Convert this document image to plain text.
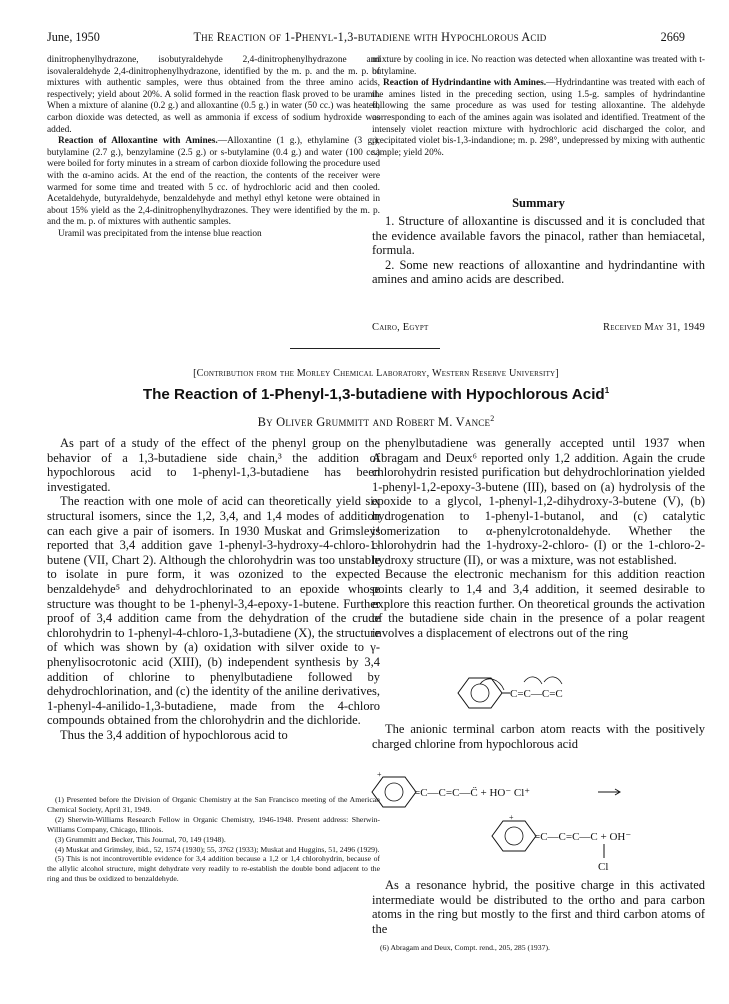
June, 1950	The Reaction of 1-Phenyl-1,3-butadiene with Hypochlorous Acid	2669

dinitrophenylhydrazone, isobutyraldehyde 2,4-dinitrophenylhydrazone and isovaleraldehyde 2,4-dinitrophenylhydrazone, identified by the m. p. and the m. p. of mixtures with authentic samples, were thus obtained from the three amino acids, respectively; yield about 20%. A solid formed in the reaction flask proved to be uramil. When a mixture of alanine (0.2 g.) and alloxantine (0.5 g.) in water (50 cc.) was heated, carbon dioxide was detected, as well as ammonia if excess of sodium hydroxide was added.

Reaction of Alloxantine with Amines.—Alloxantine (1 g.), ethylamine (3 g.), butylamine (2.7 g.), benzylamine (2.5 g.) or s-butylamine (0.4 g.) and water (100 cc.) were boiled for forty minutes in a stream of carbon dioxide following the procedure used with the α-amino acids. At the end of the reaction, the contents of the receiver were warmed for some time and treated with 5 cc. of hydrochloric acid and then cooled. Acetaldehyde, butyraldehyde, benzaldehyde and methyl ethyl ketone were obtained in about 15% yield as the 2,4-dinitrophenylhydrazones. They were identified by the m. p. and the m. p. of mixtures with authentic samples.

Uramil was precipitated from the intense blue reaction

mixture by cooling in ice. No reaction was detected when alloxantine was treated with t-butylamine.

Reaction of Hydrindantine with Amines.—Hydrindantine was treated with each of the amines listed in the preceding section, using 1.5-g. samples of hydrindantine following the same procedure as was used for testing alloxantine. The aldehyde corresponding to each of the amines again was isolated and identified. Treatment of the intensely violet reaction mixture with hydrochloric acid discharged the color, and precipitated violet bis-1,3-indandione; m. p. 298°, undepressed by mixing with authentic sample; yield 20%.

Summary

1. Structure of alloxantine is discussed and it is concluded that the evidence available favors the pinacol, rather than hemiacetal, formula.

2. Some new reactions of alloxantine and hydrindantine with amines and amino acids are described.

Cairo, Egypt	Received May 31, 1949
[Contribution from the Morley Chemical Laboratory, Western Reserve University]
The Reaction of 1-Phenyl-1,3-butadiene with Hypochlorous Acid$^1$
By Oliver Grummitt and Robert M. Vance$^2$

As part of a study of the effect of the phenyl group on the behavior of a 1,3-butadiene side chain,³ the addition of hypochlorous acid to 1-phenyl-1,3-butadiene has been investigated.

The reaction with one mole of acid can theoretically yield six structural isomers, since the 1,2, 3,4, and 1,4 modes of addition can each give a pair of isomers. In 1930 Muskat and Grimsley⁴ reported that 3,4 addition gave 1-phenyl-3-hydroxy-4-chloro-1-butene (VII, Chart 2). Although the chlorohydrin was too unstable to isolate in pure form, it was ozonized to the expected benzaldehyde⁵ and dehydrochlorinated to an epoxide whose structure was thought to be 1-phenyl-3,4-epoxy-1-butene. Further proof of 3,4 addition came from the dehydration of the crude chlorohydrin to 1-phenyl-4-chloro-1,3-butadiene (X), the structure of which was shown by (a) oxidation with silver oxide to γ-phenylisocrotonic acid (XIII), (b) independent synthesis by 3,4 addition of chlorine to phenylbutadiene followed by dehydrochlorination, and (c) the identity of the aniline derivatives, 1-phenyl-4-anilido-1,3-butadiene, made from the 4-chloro compounds obtained from the chlorohydrin and the dichloride.

Thus the 3,4 addition of hypochlorous acid to

(1) Presented before the Division of Organic Chemistry at the San Francisco meeting of the American Chemical Society, April 31, 1949.

(2) Sherwin-Williams Research Fellow in Organic Chemistry, 1946-1948. Present address: Sherwin-Williams Company, Chicago, Illinois.

(3) Grummitt and Becker, This Journal, 70, 149 (1948).

(4) Muskat and Grimsley, ibid., 52, 1574 (1930); 55, 3762 (1933); Muskat and Huggins, 51, 2496 (1929).

(5) This is not incontrovertible evidence for 3,4 addition because a 1,2 or 1,4 chlorohydrin, because of the allylic alcohol structure, might dehydrate very readily to re-establish the double bond adjacent to the ring and thus be oxidized to benzaldehyde.

phenylbutadiene was generally accepted until 1937 when Abragam and Deux⁶ reported only 1,2 addition. Again the crude chlorohydrin resisted purification but dehydrochlorination yielded 1-phenyl-1,2-epoxy-3-butene (III), based on (a) hydrolysis of the epoxide to a glycol, 1-phenyl-1,2-dihydroxy-3-butene (V), (b) hydrogenation to 1-phenyl-1-butanol, and (c) catalytic isomerization to α-phenylcrotonaldehyde. Whether the chlorohydrin had the 1-hydroxy-2-chloro- (I) or the 1-chloro-2-hydroxy structure (II), or was a mixture, was not established.

Because the electronic mechanism for this addition reaction points clearly to 1,4 and 3,4 addition, it seemed desirable to explore this reaction further. On theoretical grounds the activation of the butadiene side chain in the presence of a polar reagent involves a displacement of electrons out of the ring

C=C—C=C

The anionic terminal carbon atom reacts with the positively charged chlorine from hypochlorous acid

+
=C—C=C—C̈ + HO⁻ Cl⁺
+
=C—C=C—C + OH⁻
Cl

As a resonance hybrid, the positive charge in this activated intermediate would be distributed to the ortho and para carbon atoms in the ring but mostly to the first and third carbon atoms of the

(6) Abragam and Deux, Compt. rend., 205, 285 (1937).
